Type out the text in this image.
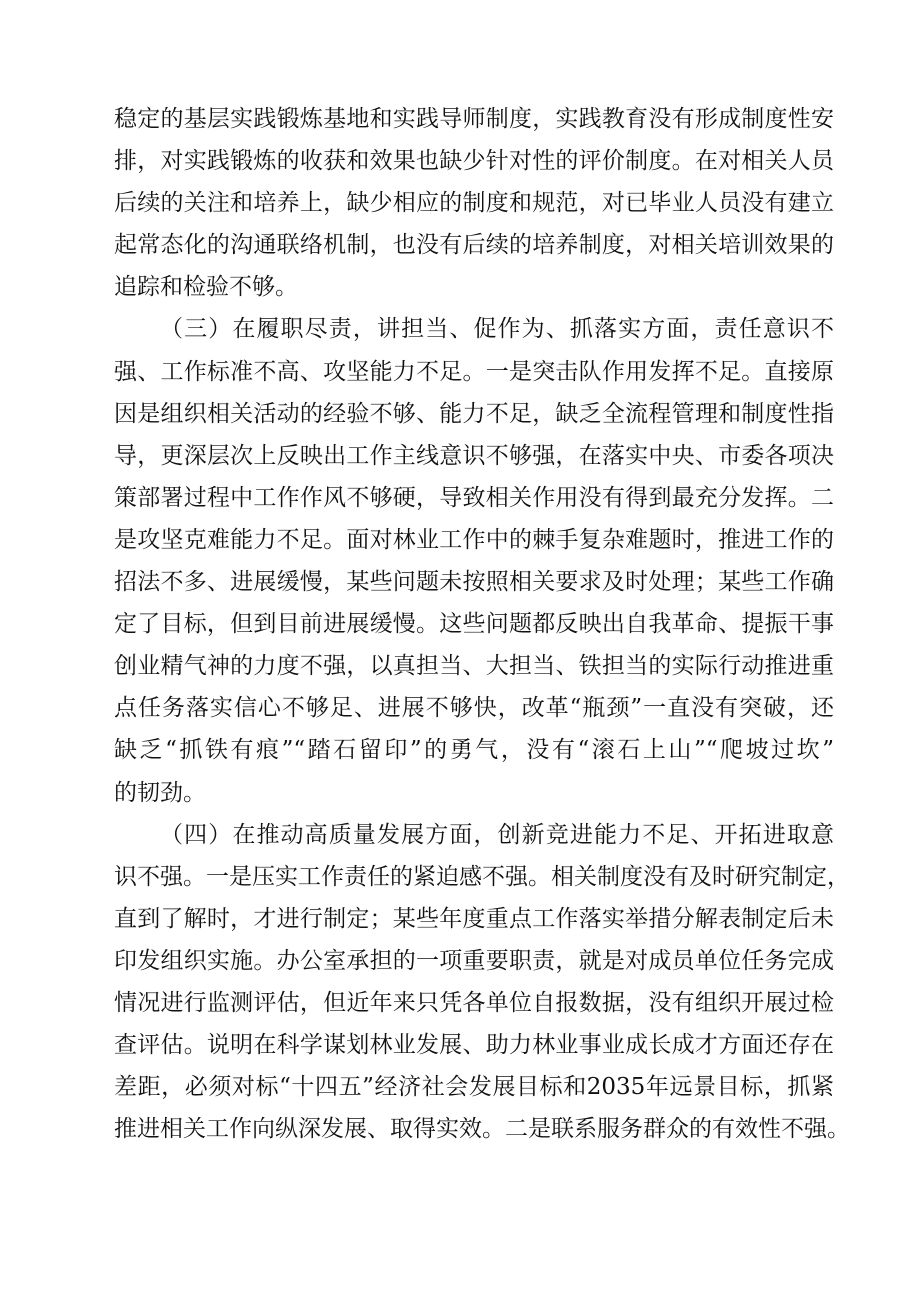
稳定的基层实践锻炼基地和实践导师制度，实践教育没有形成制度性安
排，对实践锻炼的收获和效果也缺少针对性的评价制度。在对相关人员
后续的关注和培养上，缺少相应的制度和规范，对已毕业人员没有建立
起常态化的沟通联络机制，也没有后续的培养制度，对相关培训效果的
追踪和检验不够。
（三）在履职尽责，讲担当、促作为、抓落实方面，责任意识不
强、工作标准不高、攻坚能力不足。一是突击队作用发挥不足。直接原
因是组织相关活动的经验不够、能力不足，缺乏全流程管理和制度性指
导，更深层次上反映出工作主线意识不够强，在落实中央、市委各项决
策部署过程中工作作风不够硬，导致相关作用没有得到最充分发挥。二
是攻坚克难能力不足。面对林业工作中的棘手复杂难题时，推进工作的
招法不多、进展缓慢，某些问题未按照相关要求及时处理；某些工作确
定了目标，但到目前进展缓慢。这些问题都反映出自我革命、提振干事
创业精气神的力度不强，以真担当、大担当、铁担当的实际行动推进重
点任务落实信心不够足、进展不够快，改革“瓶颈”一直没有突破，还
缺乏“抓铁有痕”“踏石留印”的勇气，没有“滚石上山”“爬坡过坎”
的韧劲。
（四）在推动高质量发展方面，创新竞进能力不足、开拓进取意
识不强。一是压实工作责任的紧迫感不强。相关制度没有及时研究制定，
直到了解时，才进行制定；某些年度重点工作落实举措分解表制定后未
印发组织实施。办公室承担的一项重要职责，就是对成员单位任务完成
情况进行监测评估，但近年来只凭各单位自报数据，没有组织开展过检
查评估。说明在科学谋划林业发展、助力林业事业成长成才方面还存在
差距，必须对标“十四五”经济社会发展目标和2035年远景目标，抓紧
推进相关工作向纵深发展、取得实效。二是联系服务群众的有效性不强。
